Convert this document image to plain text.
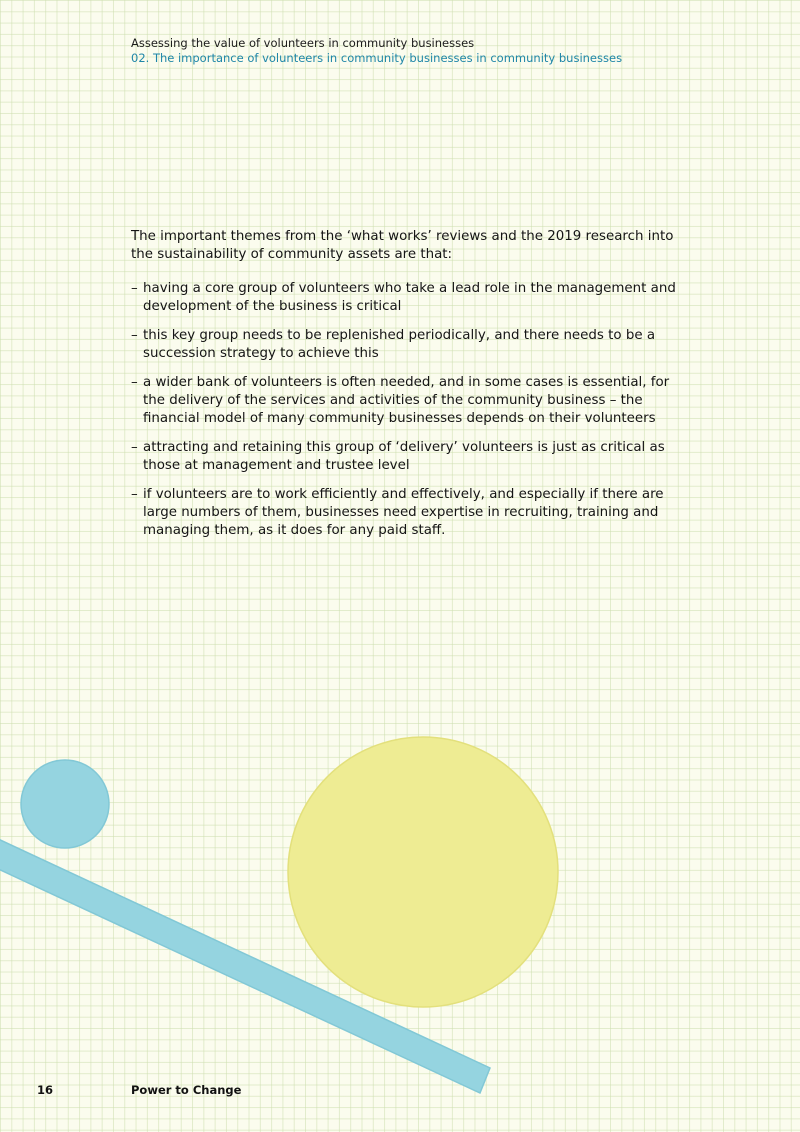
Assessing the value of volunteers in community businesses
02. The importance of volunteers in community businesses in community businesses

The important themes from the ‘what works’ reviews and the 2019 research into the sustainability of community assets are that:

– having a core group of volunteers who take a lead role in the management and development of the business is critical
– this key group needs to be replenished periodically, and there needs to be a succession strategy to achieve this
– a wider bank of volunteers is often needed, and in some cases is essential, for the delivery of the services and activities of the community business – the financial model of many community businesses depends on their volunteers
– attracting and retaining this group of ‘delivery’ volunteers is just as critical as those at management and trustee level
– if volunteers are to work efficiently and effectively, and especially if there are large numbers of them, businesses need expertise in recruiting, training and managing them, as it does for any paid staff.
16	Power to Change
